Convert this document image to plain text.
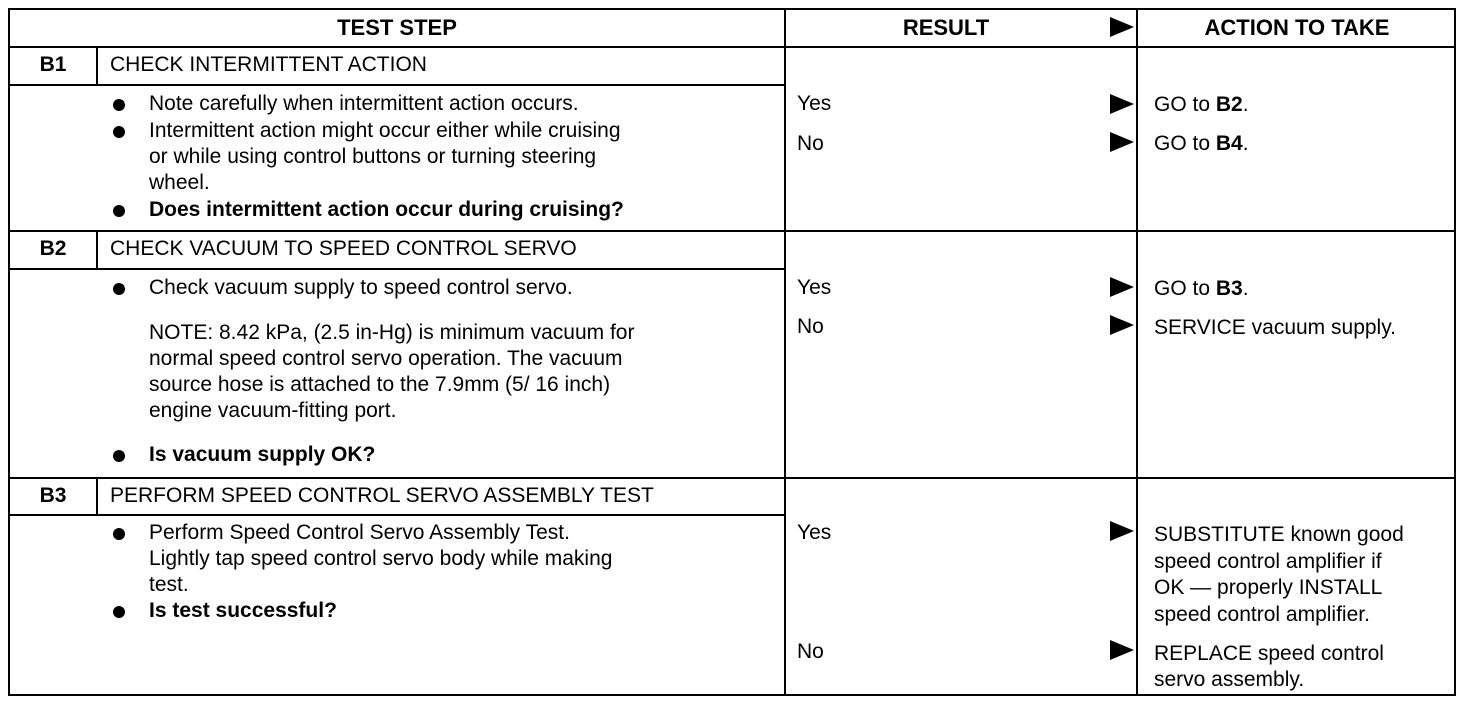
TEST STEP	RESULT	ACTION TO TAKE
B1	CHECK INTERMITTENT ACTION
Note carefully when intermittent action occurs.
Intermittent action might occur either while cruising
or while using control buttons or turning steering
wheel.
Does intermittent action occur during cruising?
Yes	GO to B2.
No	GO to B4.
B2	CHECK VACUUM TO SPEED CONTROL SERVO
Check vacuum supply to speed control servo.
NOTE: 8.42 kPa, (2.5 in-Hg) is minimum vacuum for
normal speed control servo operation. The vacuum
source hose is attached to the 7.9mm (5/ 16 inch)
engine vacuum-fitting port.
Is vacuum supply OK?
Yes	GO to B3.
No	SERVICE vacuum supply.
B3	PERFORM SPEED CONTROL SERVO ASSEMBLY TEST
Perform Speed Control Servo Assembly Test.
Lightly tap speed control servo body while making
test.
Is test successful?
Yes	SUBSTITUTE known good
speed control amplifier if
OK — properly INSTALL
speed control amplifier.
No	REPLACE speed control
servo assembly.
